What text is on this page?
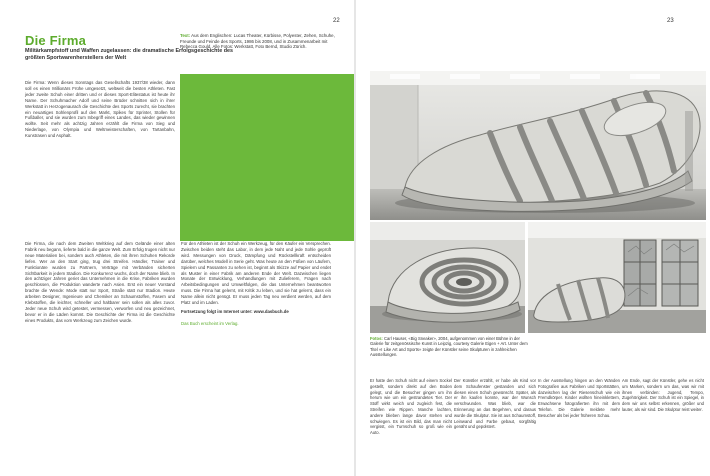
22
Die Firma
Militärkampfstoff und Waffen zugelassen: die dramatische Erfolgsgeschichte des größten Sportwarenherstellers der Welt
Text: Aus dem Englischen: Lucas Theater, Kürbisse, Polyester, Zehen, Schuhe, Freunde und Feinde des Sports, 1986 bis 2008, und in Zusammenarbeit mit Rebecca Gould. Alle Fotos: Werkstatt, Foto Bernd, Studio Zürich.

Die Firma: Wenn dieses Sonntags das Gesellschafts 1937/38 wieder, dann soll es einen Millionärs Frühe umgesetzt, weltweit die besten Athleten. Fast jeder zweite Schuh einer dritten und er dieses Sport-Elitestatus ist heute ihr Name. Der Schuhmacher Adolf und seine Brüder schnitten sich in ihrer Werkstatt in Herzogenaurach die Geschichte des Sports zurecht, sie brachten ein neuartiges Sohlenprofil auf den Markt, Spikes für Sprinter, Stollen für Fußballer, und sie wurden zum Inbegriff eines Landes, das wieder gewinnen wollte. Seit mehr als achtzig Jahren erzählt die Firma von Sieg und Niederlage, von Olympia und Weltmeisterschaften, von Tartanbahn, Kunstrasen und Asphalt.

Die Firma, die nach dem Zweiten Weltkrieg auf dem Gelände einer alten Fabrik neu begann, lieferte bald in die ganze Welt. Zum Erfolg trugen nicht nur neue Materialien bei, sondern auch Athleten, die mit ihren Schuhen Rekorde liefen. Wer an den Start ging, trug drei Streifen. Händler, Trainer und Funktionäre wurden zu Partnern, Verträge mit Verbänden sicherten Sichtbarkeit in jedem Stadion. Die Konkurrenz wuchs, doch der Name blieb. In den achtziger Jahren geriet das Unternehmen in die Krise, Fabriken wurden geschlossen, die Produktion wanderte nach Asien. Erst ein neuer Vorstand brachte die Wende: Mode statt nur Sport, Straße statt nur Stadion. Heute arbeiten Designer, Ingenieure und Chemiker an Schaumstoffen, Fasern und Klebstoffen, die leichter, schneller und haltbarer sein sollen als alles zuvor. Jeder neue Schuh wird getestet, vermessen, verworfen und neu gezeichnet, bevor er in die Läden kommt. Die Geschichte der Firma ist die Geschichte eines Produkts, das vom Werkzeug zum Zeichen wurde.

Für den Athleten ist der Schuh ein Werkzeug, für den Käufer ein Versprechen. Zwischen beiden steht das Labor, in dem jede Naht und jede Sohle geprüft wird. Messungen von Druck, Dämpfung und Rückstellkraft entscheiden darüber, welches Modell in Serie geht. Was heute an den Füßen von Läufern, Spielern und Passanten zu sehen ist, beginnt als Skizze auf Papier und endet als Muster in einer Fabrik am anderen Ende der Welt. Dazwischen liegen Monate der Entwicklung, Verhandlungen mit Zulieferern, Fragen nach Arbeitsbedingungen und Umweltfolgen, die das Unternehmen beantworten muss. Die Firma hat gelernt, mit Kritik zu leben, und sie hat gelernt, dass ein Name allein nicht genügt. Er muss jeden Tag neu verdient werden, auf dem Platz und im Laden.

Fortsetzung folgt im Internet unter: www.dasbuch.de
Das Buch erscheint im Verlag.
23
Fotos: Carl Hauser, «Big Sneaker», 2004, aufgenommen von einer Bühne in der Galerie für zeitgenössische Kunst in Leipzig, courtesy Galerie Eigen + Art. Unter dem Titel «I Like Art and Sports» zeigte der Künstler seine Skulpturen in zahlreichen Ausstellungen.
Er hatte den Schuh nicht auf einem Sockel gestellt, sondern direkt auf den Boden gelegt, und die Besucher gingen um ihn herum wie um ein gestrandetes Tier. Der Stoff wirkt weich und zugleich fest, die Streifen wie Rippen. Manche lachten, andere blieben lange davor stehen und schwiegen. Es ist ein Bild, das man nicht vergisst, ein Turnschuh so groß wie ein Auto.
Der Künstler erzählt, er habe als Kind vor dem Schaufenster gestanden und sich diesen einen Schuh gewünscht. Später, als er ihn kaufen konnte, war der Wunsch verschwunden. Was blieb, war die Erinnerung an das Begehren, und daraus wurde die Skulptur. Sie ist aus Schaumstoff, Leinwand und Farbe gebaut, sorgfältig genäht und gepolstert.
In der Ausstellung hingen an den Wänden Fotografien aus Fabriken und Sportstätten, dazwischen lag der Riesenschuh wie ein Fremdkörper. Kinder wollten hineinklettern, Erwachsene fotografierten ihn mit dem Telefon. Die Galerie meldete mehr Besucher als bei jeder früheren Schau.
Am Ende, sagt der Künstler, gehe es nicht um Marken, sondern um das, was wir mit ihnen verbinden: Jugend, Tempo, Zugehörigkeit. Der Schuh ist ein Spiegel, in dem wir uns selbst erkennen, größer und lauter, als wir sind. Die Skulptur reist weiter.
